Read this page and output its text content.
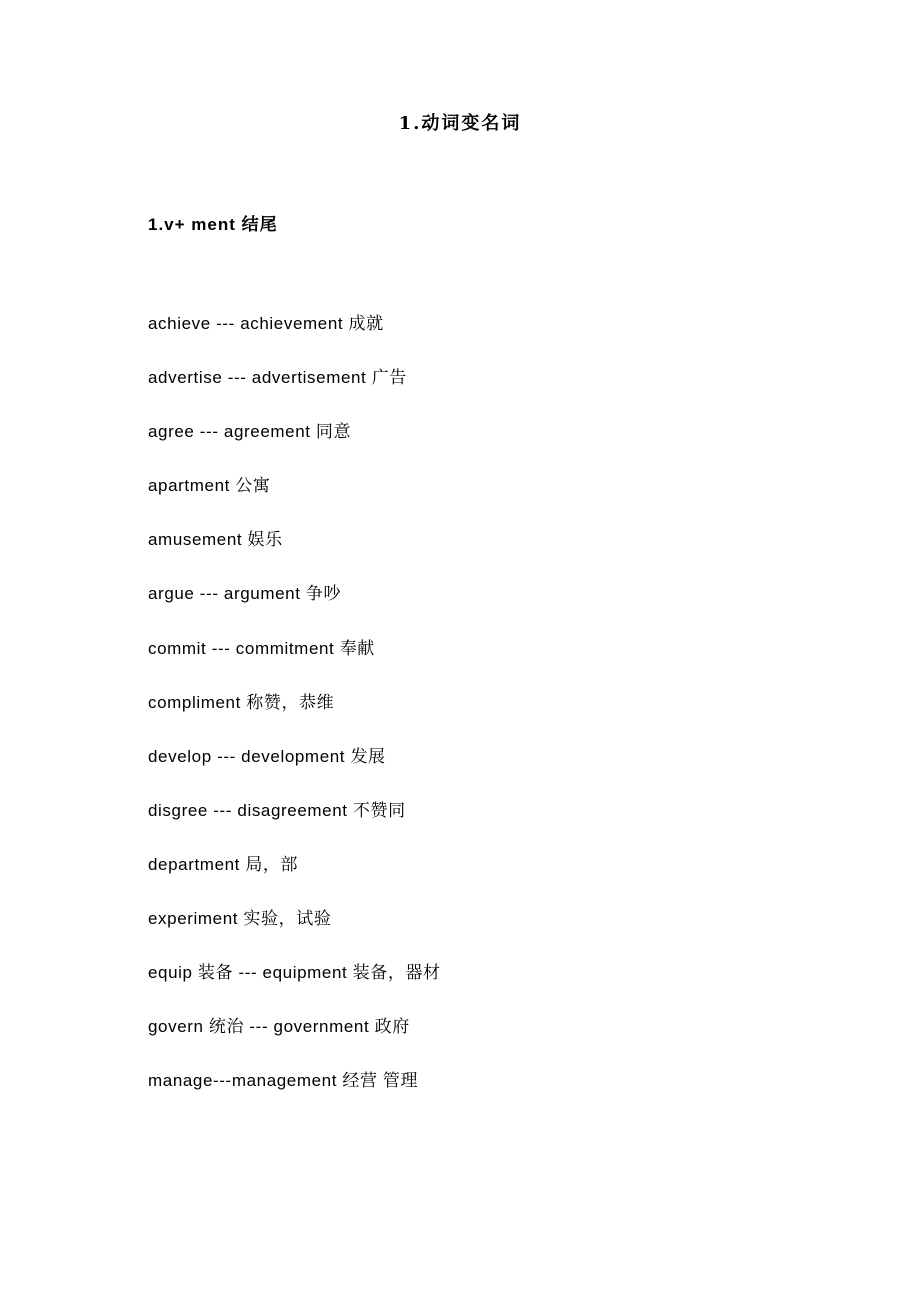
1.动词变名词
1.v+ ment 结尾
achieve --- achievement 成就
advertise --- advertisement 广告
agree --- agreement 同意
apartment 公寓
amusement 娱乐
argue --- argument 争吵
commit --- commitment 奉献
compliment 称赞，恭维
develop --- development 发展
disgree --- disagreement 不赞同
department 局，部
experiment 实验，试验
equip 装备 --- equipment 装备，器材
govern 统治 --- government 政府
manage---management 经营 管理
